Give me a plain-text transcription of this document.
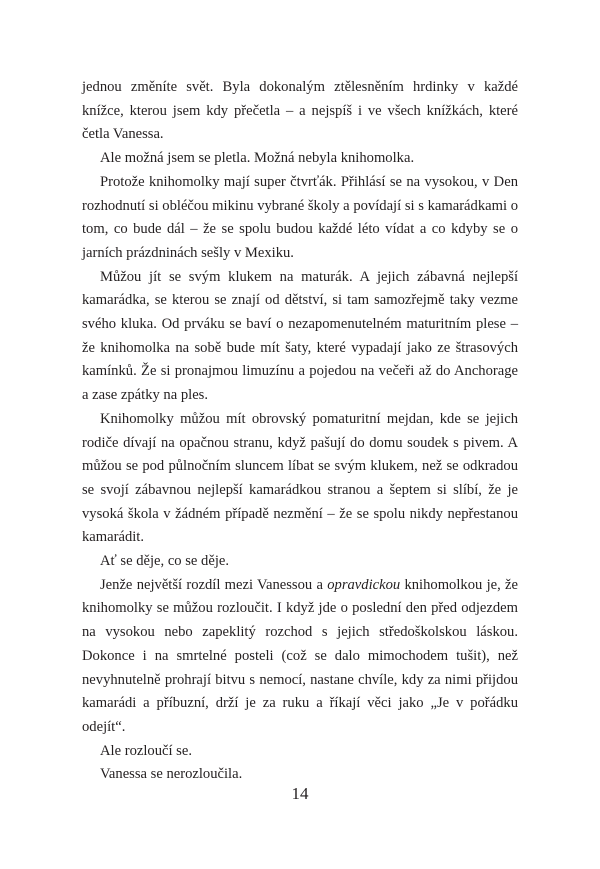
jednou změníte svět. Byla dokonalým ztělesněním hrdinky v každé knížce, kterou jsem kdy přečetla – a nejspíš i ve všech knížkách, které četla Vanessa.

Ale možná jsem se pletla. Možná nebyla knihomolka.

Protože knihomolky mají super čtvrťák. Přihlásí se na vysokou, v Den rozhodnutí si obléčou mikinu vybrané školy a povídají si s kamarádkami o tom, co bude dál – že se spolu budou každé léto vídat a co kdyby se o jarních prázdninách sešly v Mexiku.

Můžou jít se svým klukem na maturák. A jejich zábavná nejlepší kamarádka, se kterou se znají od dětství, si tam samozřejmě taky vezme svého kluka. Od prváku se baví o nezapomenutelném maturitním plese – že knihomolka na sobě bude mít šaty, které vypadají jako ze štrasových kamínků. Že si pronajmou limuzínu a pojedou na večeři až do Anchorage a zase zpátky na ples.

Knihomolky můžou mít obrovský pomaturitní mejdan, kde se jejich rodiče dívají na opačnou stranu, když pašují do domu soudek s pivem. A můžou se pod půlnočním sluncem líbat se svým klukem, než se odkradou se svojí zábavnou nejlepší kamarádkou stranou a šeptem si slíbí, že je vysoká škola v žádném případě nezmění – že se spolu nikdy nepřestanou kamarádit.

Ať se děje, co se děje.

Jenže největší rozdíl mezi Vanessou a opravdickou knihomolkou je, že knihomolky se můžou rozloučit. I když jde o poslední den před odjezdem na vysokou nebo zapeklitý rozchod s jejich středoškolskou láskou. Dokonce i na smrtelné posteli (což se dalo mimochodem tušit), než nevyhnutelně prohrají bitvu s nemocí, nastane chvíle, kdy za nimi přijdou kamarádi a příbuzní, drží je za ruku a říkají věci jako „Je v pořádku odejít“.

Ale rozloučí se.

Vanessa se nerozloučila.

14
